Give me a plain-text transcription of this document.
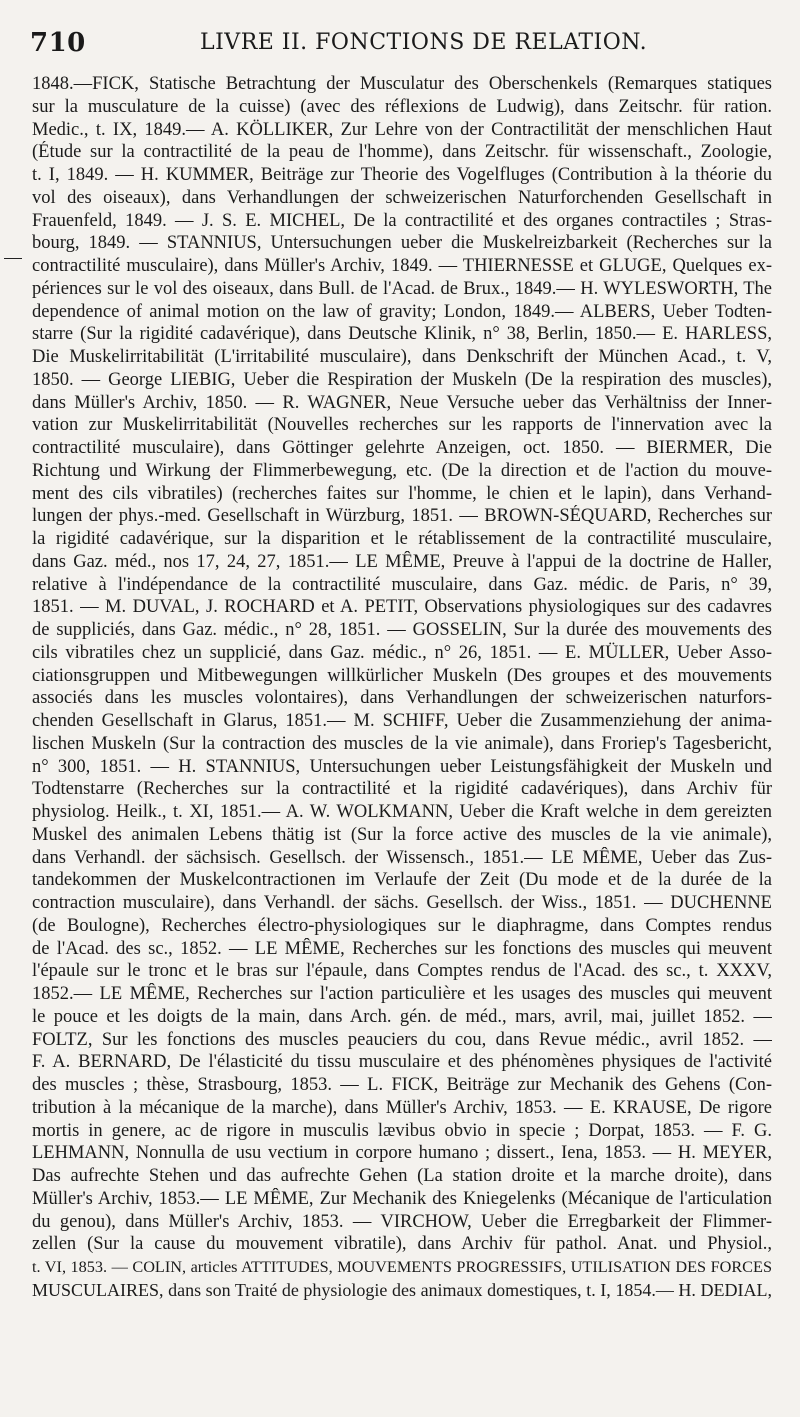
710	LIVRE II. FONCTIONS DE RELATION.
1848.—FICK, Statische Betrachtung der Musculatur des Oberschenkels (Remarques statiques
sur la musculature de la cuisse) (avec des réflexions de Ludwig), dans Zeitschr. für ration.
Medic., t. IX, 1849.— A. KÖLLIKER, Zur Lehre von der Contractilität der menschlichen Haut
(Étude sur la contractilité de la peau de l'homme), dans Zeitschr. für wissenschaft., Zoologie,
t. I, 1849. — H. KUMMER, Beiträge zur Theorie des Vogelfluges (Contribution à la théorie du
vol des oiseaux), dans Verhandlungen der schweizerischen Naturforchenden Gesellschaft in
Frauenfeld, 1849. — J. S. E. MICHEL, De la contractilité et des organes contractiles ; Stras-
bourg, 1849. — STANNIUS, Untersuchungen ueber die Muskelreizbarkeit (Recherches sur la
contractilité musculaire), dans Müller's Archiv, 1849. — THIERNESSE et GLUGE, Quelques ex-
périences sur le vol des oiseaux, dans Bull. de l'Acad. de Brux., 1849.— H. WYLESWORTH, The
dependence of animal motion on the law of gravity; London, 1849.— ALBERS, Ueber Todten-
starre (Sur la rigidité cadavérique), dans Deutsche Klinik, n° 38, Berlin, 1850.— E. HARLESS,
Die Muskelirritabilität (L'irritabilité musculaire), dans Denkschrift der München Acad., t. V,
1850. — George LIEBIG, Ueber die Respiration der Muskeln (De la respiration des muscles),
dans Müller's Archiv, 1850. — R. WAGNER, Neue Versuche ueber das Verhältniss der Inner-
vation zur Muskelirritabilität (Nouvelles recherches sur les rapports de l'innervation avec la
contractilité musculaire), dans Göttinger gelehrte Anzeigen, oct. 1850. — BIERMER, Die
Richtung und Wirkung der Flimmerbewegung, etc. (De la direction et de l'action du mouve-
ment des cils vibratiles) (recherches faites sur l'homme, le chien et le lapin), dans Verhand-
lungen der phys.-med. Gesellschaft in Würzburg, 1851. — BROWN-SÉQUARD, Recherches sur
la rigidité cadavérique, sur la disparition et le rétablissement de la contractilité musculaire,
dans Gaz. méd., nos 17, 24, 27, 1851.— LE MÊME, Preuve à l'appui de la doctrine de Haller,
relative à l'indépendance de la contractilité musculaire, dans Gaz. médic. de Paris, n° 39,
1851. — M. DUVAL, J. ROCHARD et A. PETIT, Observations physiologiques sur des cadavres
de suppliciés, dans Gaz. médic., n° 28, 1851. — GOSSELIN, Sur la durée des mouvements des
cils vibratiles chez un supplicié, dans Gaz. médic., n° 26, 1851. — E. MÜLLER, Ueber Asso-
ciationsgruppen und Mitbewegungen willkürlicher Muskeln (Des groupes et des mouvements
associés dans les muscles volontaires), dans Verhandlungen der schweizerischen naturfors-
chenden Gesellschaft in Glarus, 1851.— M. SCHIFF, Ueber die Zusammenziehung der anima-
lischen Muskeln (Sur la contraction des muscles de la vie animale), dans Froriep's Tagesbericht,
n° 300, 1851. — H. STANNIUS, Untersuchungen ueber Leistungsfähigkeit der Muskeln und
Todtenstarre (Recherches sur la contractilité et la rigidité cadavériques), dans Archiv für
physiolog. Heilk., t. XI, 1851.— A. W. WOLKMANN, Ueber die Kraft welche in dem gereizten
Muskel des animalen Lebens thätig ist (Sur la force active des muscles de la vie animale),
dans Verhandl. der sächsisch. Gesellsch. der Wissensch., 1851.— LE MÊME, Ueber das Zus-
tandekommen der Muskelcontractionen im Verlaufe der Zeit (Du mode et de la durée de la
contraction musculaire), dans Verhandl. der sächs. Gesellsch. der Wiss., 1851. — DUCHENNE
(de Boulogne), Recherches électro-physiologiques sur le diaphragme, dans Comptes rendus
de l'Acad. des sc., 1852. — LE MÊME, Recherches sur les fonctions des muscles qui meuvent
l'épaule sur le tronc et le bras sur l'épaule, dans Comptes rendus de l'Acad. des sc., t. XXXV,
1852.— LE MÊME, Recherches sur l'action particulière et les usages des muscles qui meuvent
le pouce et les doigts de la main, dans Arch. gén. de méd., mars, avril, mai, juillet 1852. —
FOLTZ, Sur les fonctions des muscles peauciers du cou, dans Revue médic., avril 1852. —
F. A. BERNARD, De l'élasticité du tissu musculaire et des phénomènes physiques de l'activité
des muscles ; thèse, Strasbourg, 1853. — L. FICK, Beiträge zur Mechanik des Gehens (Con-
tribution à la mécanique de la marche), dans Müller's Archiv, 1853. — E. KRAUSE, De rigore
mortis in genere, ac de rigore in musculis lævibus obvio in specie ; Dorpat, 1853. — F. G.
LEHMANN, Nonnulla de usu vectium in corpore humano ; dissert., Iena, 1853. — H. MEYER,
Das aufrechte Stehen und das aufrechte Gehen (La station droite et la marche droite), dans
Müller's Archiv, 1853.— LE MÊME, Zur Mechanik des Kniegelenks (Mécanique de l'articulation
du genou), dans Müller's Archiv, 1853. — VIRCHOW, Ueber die Erregbarkeit der Flimmer-
zellen (Sur la cause du mouvement vibratile), dans Archiv für pathol. Anat. und Physiol.,
t. VI, 1853. — COLIN, articles ATTITUDES, MOUVEMENTS PROGRESSIFS, UTILISATION DES FORCES
MUSCULAIRES, dans son Traité de physiologie des animaux domestiques, t. I, 1854.— H. DEDIAL,
